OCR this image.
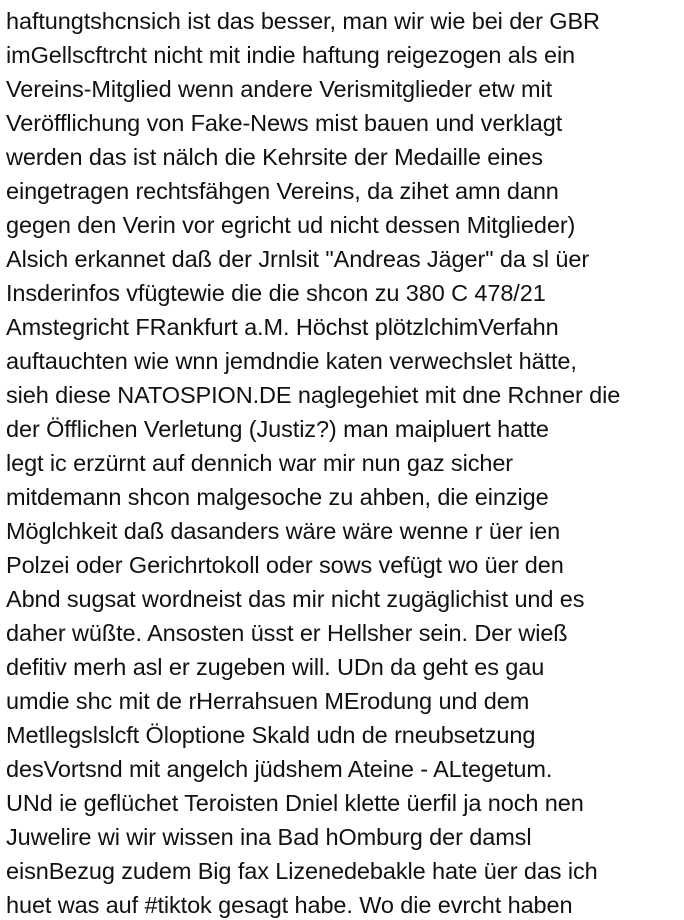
haftungtshcnsich ist das besser, man wir wie bei der GBR
imGellscftrcht nicht mit indie haftung reigezogen als ein
Vereins-Mitglied wenn andere Verismitglieder etw mit
Veröfflichung von Fake-News mist bauen und verklagt
werden das ist nälch die Kehrsite der Medaille eines
eingetragen rechtsfähgen Vereins, da zihet amn dann
gegen den Verin vor egricht ud nicht dessen Mitglieder)
Alsich erkannet daß der Jrnlsit "Andreas Jäger" da sl üer
Insderinfos vfügtewie die die shcon zu 380 C 478/21
Amstegricht FRankfurt a.M. Höchst plötzlchimVerfahn
auftauchten wie wnn jemdndie katen verwechslet hätte,
sieh diese NATOSPION.DE naglegehiet mit dne Rchner die
der Öfflichen Verletung (Justiz?) man maipluert hatte
legt ic erzürnt auf dennich war mir nun gaz sicher
mitdemann shcon malgesoche zu ahben, die einzige
Möglchkeit daß dasanders wäre wäre wenne r üer ien
Polzei oder Gerichrtokoll oder sows vefügt wo üer den
Abnd sugsat wordneist das mir nicht zugäglichist und es
daher wüßte. Ansosten üsst er Hellsher sein. Der wieß
defitiv merh asl er zugeben will. UDn da geht es gau
umdie shc mit de rHerrahsuen MErodung und dem
Metllegslslcft Öloptione Skald udn de rneubsetzung
desVortsnd mit angelch jüdshem Ateine - ALtegetum.
UNd ie geflüchet Teroisten Dniel klette üerfil ja noch nen
Juwelire wi wir wissen ina Bad hOmburg der damsl
eisnBezug zudem Big fax Lizenedebakle hate üer das ich
huet was auf #tiktok gesagt habe. Wo die evrcht haben
